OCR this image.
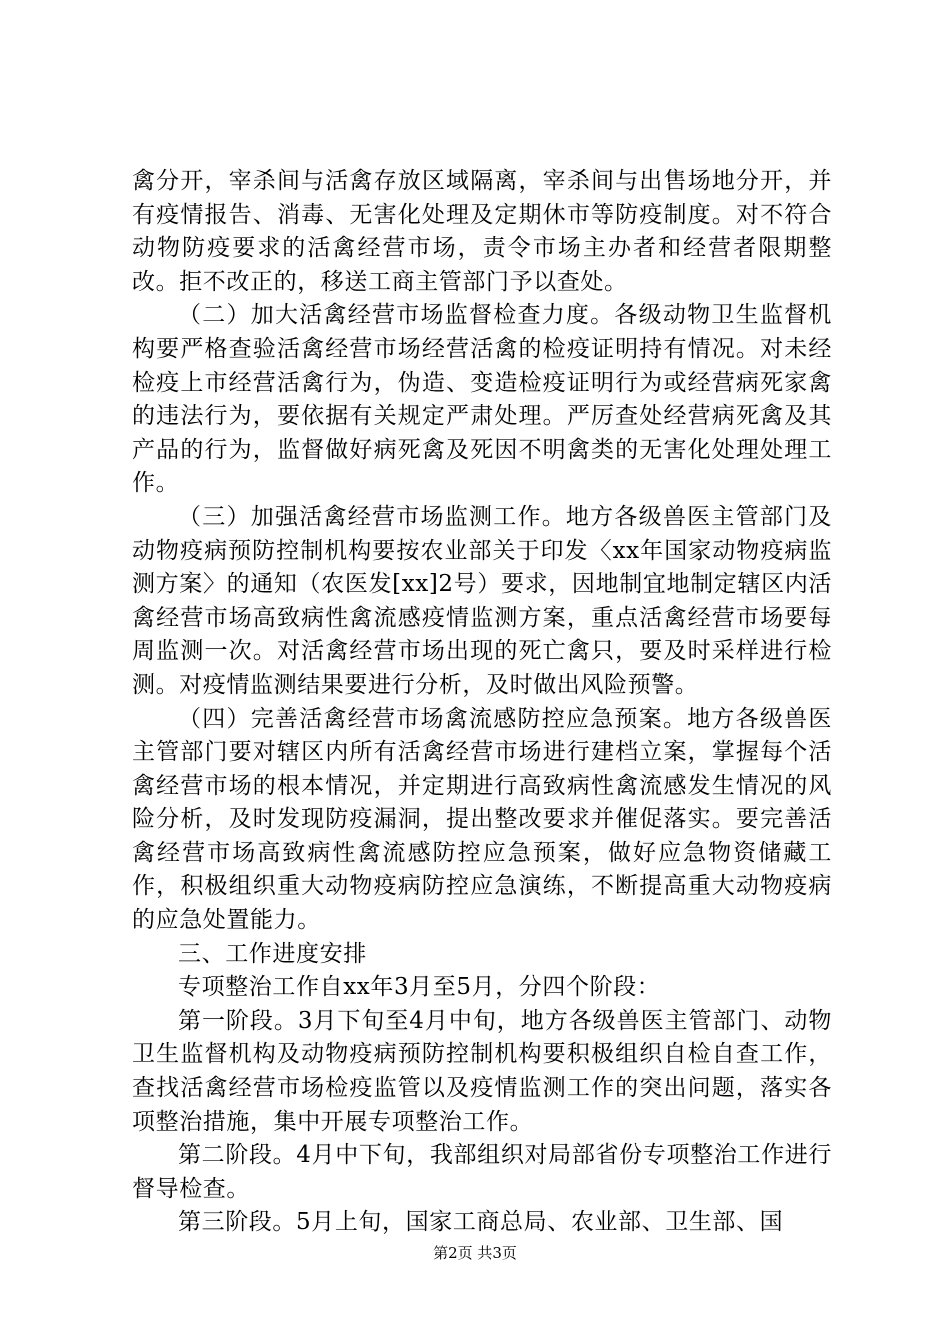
禽分开，宰杀间与活禽存放区域隔离，宰杀间与出售场地分开，并有疫情报告、消毒、无害化处理及定期休市等防疫制度。对不符合动物防疫要求的活禽经营市场，责令市场主办者和经营者限期整改。拒不改正的，移送工商主管部门予以查处。

（二）加大活禽经营市场监督检查力度。各级动物卫生监督机构要严格查验活禽经营市场经营活禽的检疫证明持有情况。对未经检疫上市经营活禽行为，伪造、变造检疫证明行为或经营病死家禽的违法行为，要依据有关规定严肃处理。严厉查处经营病死禽及其产品的行为，监督做好病死禽及死因不明禽类的无害化处理处理工作。

（三）加强活禽经营市场监测工作。地方各级兽医主管部门及动物疫病预防控制机构要按农业部关于印发〈xx年国家动物疫病监测方案〉的通知（农医发[xx]2号）要求，因地制宜地制定辖区内活禽经营市场高致病性禽流感疫情监测方案，重点活禽经营市场要每周监测一次。对活禽经营市场出现的死亡禽只，要及时采样进行检测。对疫情监测结果要进行分析，及时做出风险预警。

（四）完善活禽经营市场禽流感防控应急预案。地方各级兽医主管部门要对辖区内所有活禽经营市场进行建档立案，掌握每个活禽经营市场的根本情况，并定期进行高致病性禽流感发生情况的风险分析，及时发现防疫漏洞，提出整改要求并催促落实。要完善活禽经营市场高致病性禽流感防控应急预案，做好应急物资储藏工作，积极组织重大动物疫病防控应急演练，不断提高重大动物疫病的应急处置能力。

三、工作进度安排

专项整治工作自xx年3月至5月，分四个阶段：

第一阶段。3月下旬至4月中旬，地方各级兽医主管部门、动物卫生监督机构及动物疫病预防控制机构要积极组织自检自查工作，查找活禽经营市场检疫监管以及疫情监测工作的突出问题，落实各项整治措施，集中开展专项整治工作。

第二阶段。4月中下旬，我部组织对局部省份专项整治工作进行督导检查。

第三阶段。5月上旬，国家工商总局、农业部、卫生部、国

第2页 共3页
